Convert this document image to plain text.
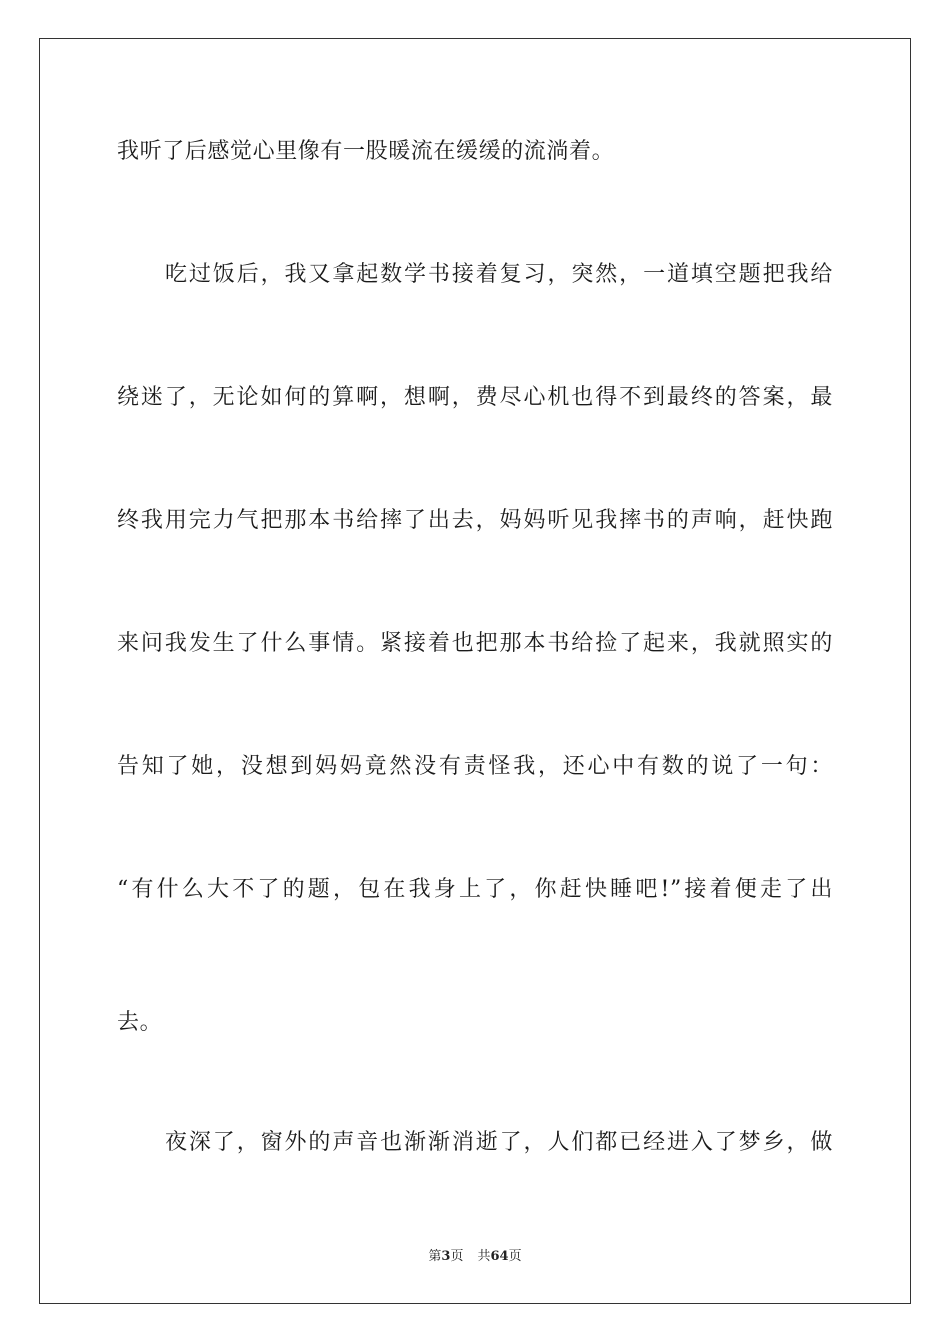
我听了后感觉心里像有一股暖流在缓缓的流淌着。
吃过饭后，我又拿起数学书接着复习，突然，一道填空题把我给
绕迷了，无论如何的算啊，想啊，费尽心机也得不到最终的答案，最
终我用完力气把那本书给摔了出去，妈妈听见我摔书的声响，赶快跑
来问我发生了什么事情。紧接着也把那本书给捡了起来，我就照实的
告知了她，没想到妈妈竟然没有责怪我，还心中有数的说了一句：
“有什么大不了的题，包在我身上了，你赶快睡吧!”接着便走了出
去。
夜深了，窗外的声音也渐渐消逝了，人们都已经进入了梦乡，做
第3页 共64页
